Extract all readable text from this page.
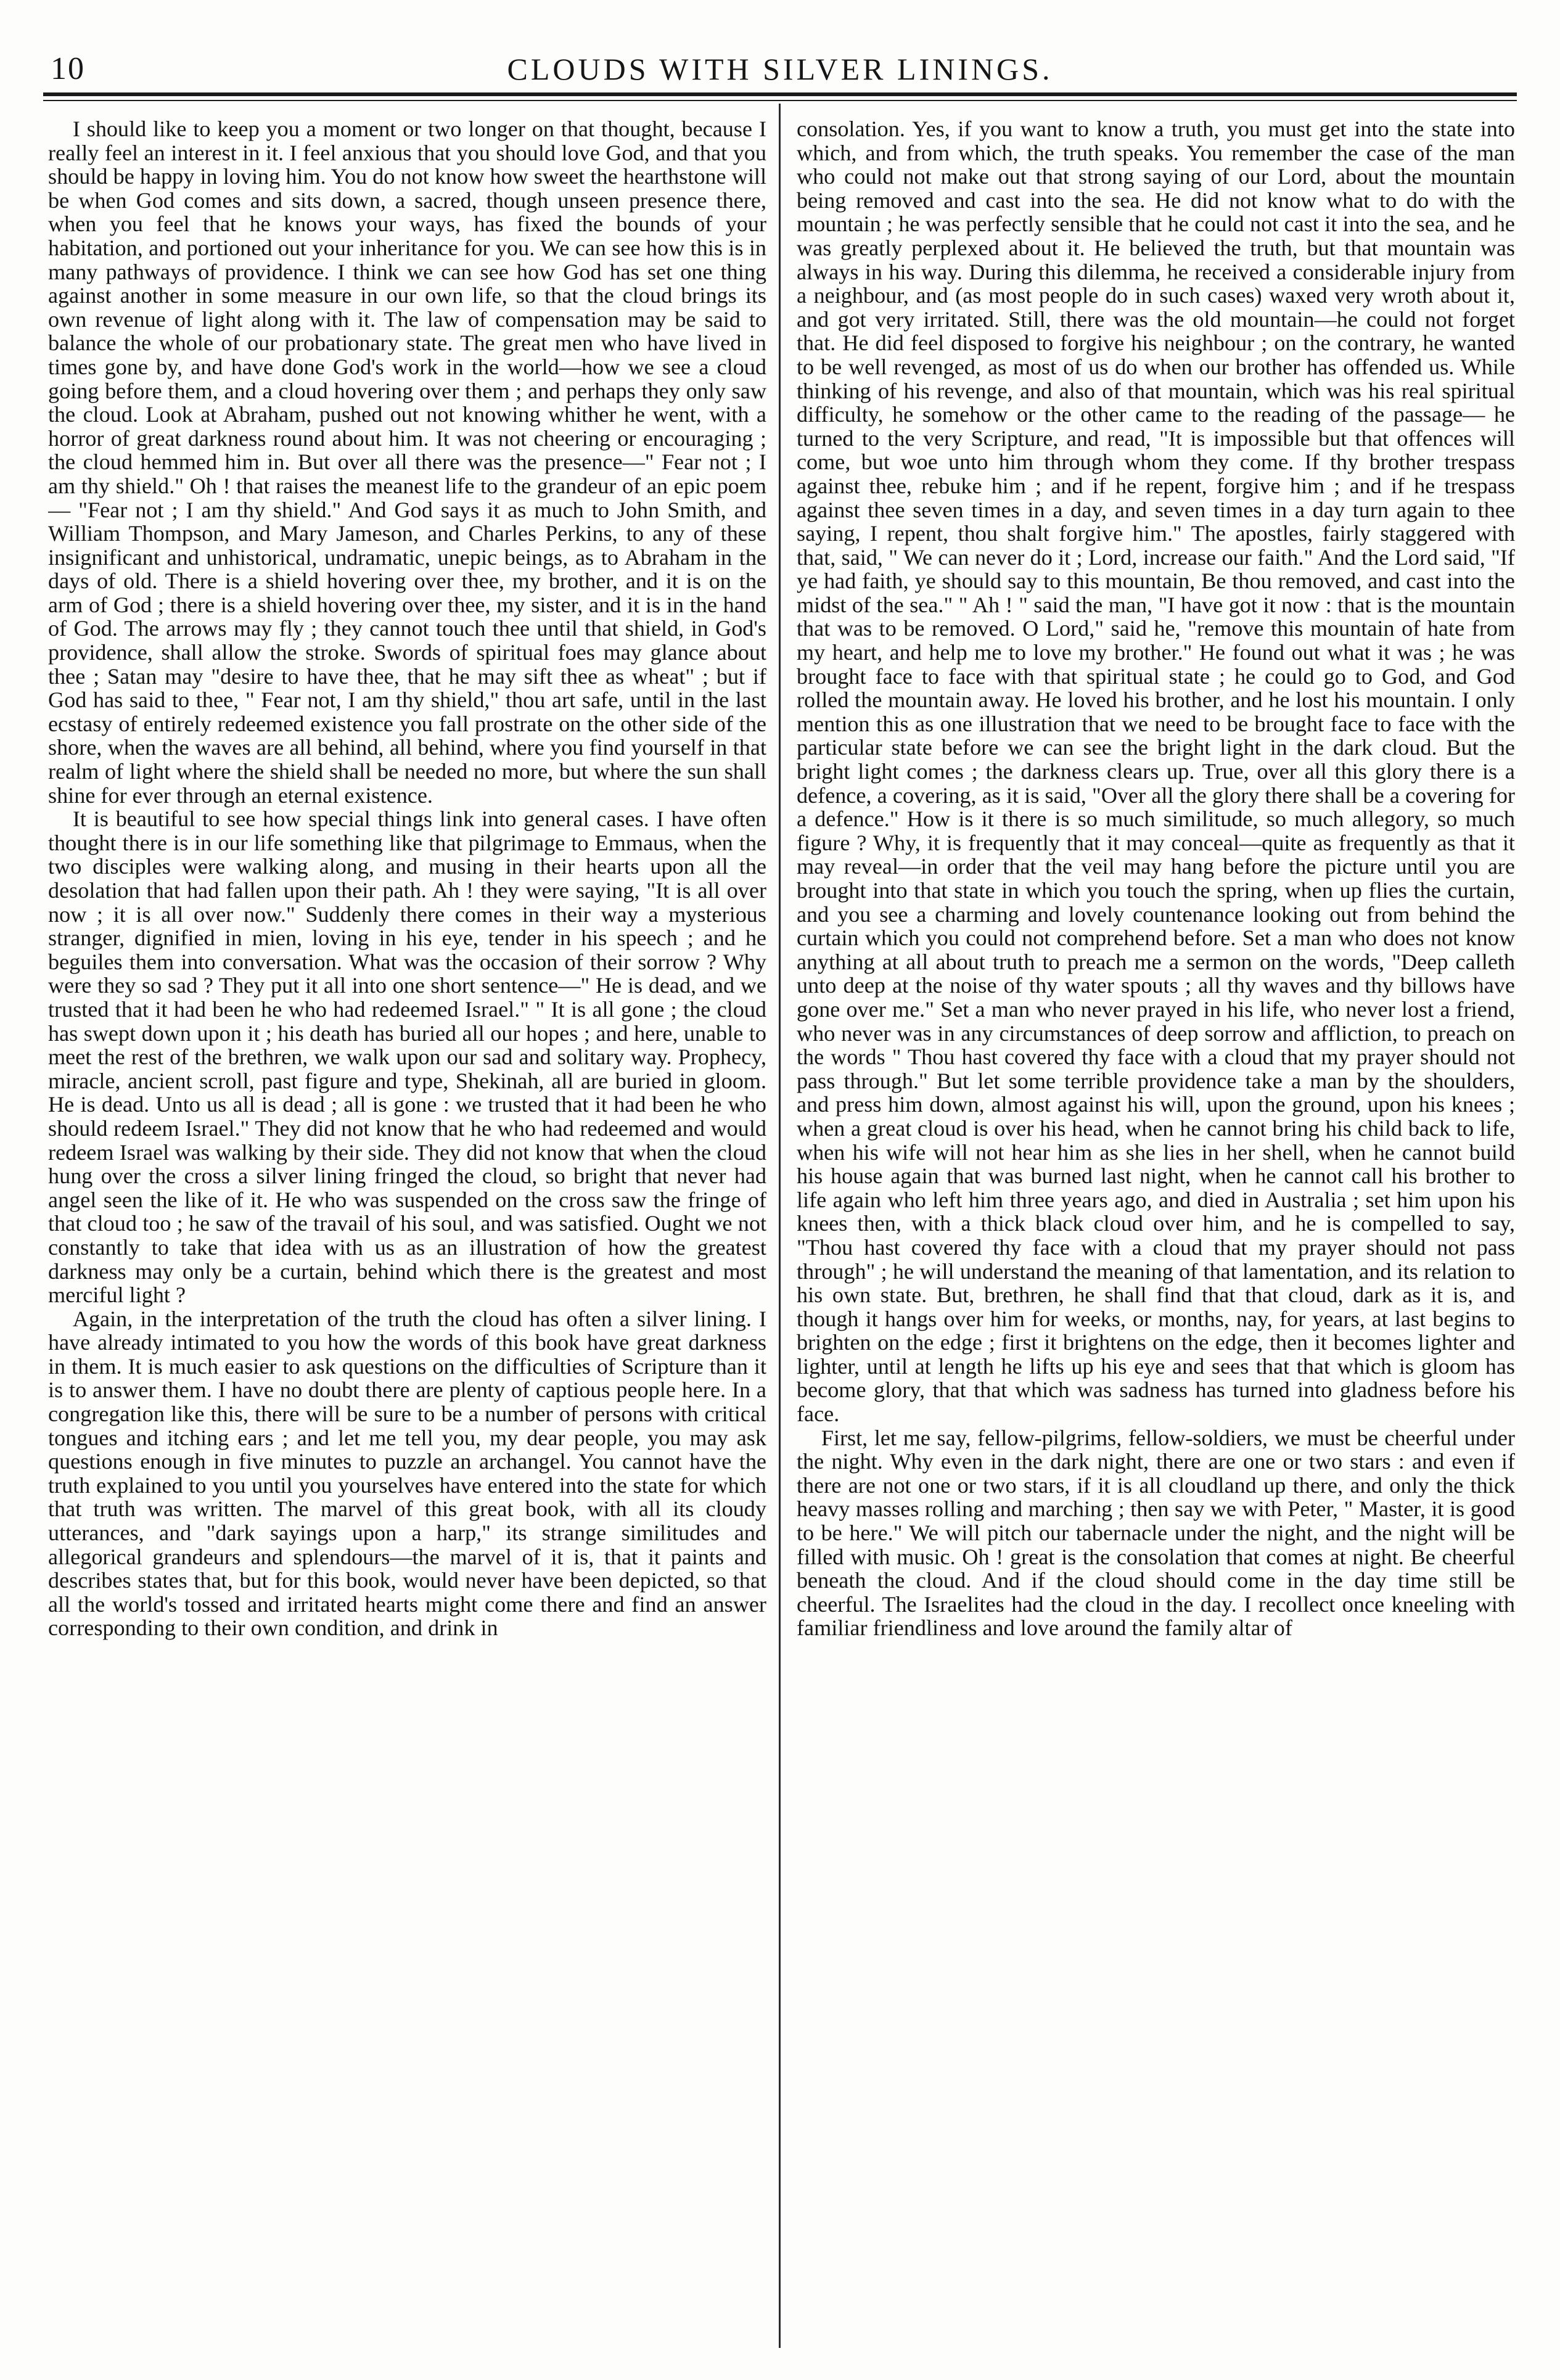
10	CLOUDS WITH SILVER LININGS.

I should like to keep you a moment or two longer on that thought, because I really feel an interest in it. I feel anxious that you should love God, and that you should be happy in loving him. You do not know how sweet the hearthstone will be when God comes and sits down, a sacred, though unseen presence there, when you feel that he knows your ways, has fixed the bounds of your habitation, and portioned out your inheritance for you. We can see how this is in many pathways of providence. I think we can see how God has set one thing against another in some measure in our own life, so that the cloud brings its own revenue of light along with it. The law of compensation may be said to balance the whole of our probationary state. The great men who have lived in times gone by, and have done God's work in the world—how we see a cloud going before them, and a cloud hovering over them ; and perhaps they only saw the cloud. Look at Abraham, pushed out not knowing whither he went, with a horror of great darkness round about him. It was not cheering or encouraging ; the cloud hemmed him in. But over all there was the presence—" Fear not ; I am thy shield." Oh ! that raises the meanest life to the grandeur of an epic poem— "Fear not ; I am thy shield." And God says it as much to John Smith, and William Thompson, and Mary Jameson, and Charles Perkins, to any of these insignificant and unhistorical, undramatic, unepic beings, as to Abraham in the days of old. There is a shield hovering over thee, my brother, and it is on the arm of God ; there is a shield hovering over thee, my sister, and it is in the hand of God. The arrows may fly ; they cannot touch thee until that shield, in God's providence, shall allow the stroke. Swords of spiritual foes may glance about thee ; Satan may "desire to have thee, that he may sift thee as wheat" ; but if God has said to thee, " Fear not, I am thy shield," thou art safe, until in the last ecstasy of entirely redeemed existence you fall prostrate on the other side of the shore, when the waves are all behind, all behind, where you find yourself in that realm of light where the shield shall be needed no more, but where the sun shall shine for ever through an eternal existence.

It is beautiful to see how special things link into general cases. I have often thought there is in our life something like that pilgrimage to Emmaus, when the two disciples were walking along, and musing in their hearts upon all the desolation that had fallen upon their path. Ah ! they were saying, "It is all over now ; it is all over now." Suddenly there comes in their way a mysterious stranger, dignified in mien, loving in his eye, tender in his speech ; and he beguiles them into conversation. What was the occasion of their sorrow ? Why were they so sad ? They put it all into one short sentence—" He is dead, and we trusted that it had been he who had redeemed Israel." " It is all gone ; the cloud has swept down upon it ; his death has buried all our hopes ; and here, unable to meet the rest of the brethren, we walk upon our sad and solitary way. Prophecy, miracle, ancient scroll, past figure and type, Shekinah, all are buried in gloom. He is dead. Unto us all is dead ; all is gone : we trusted that it had been he who should redeem Israel." They did not know that he who had redeemed and would redeem Israel was walking by their side. They did not know that when the cloud hung over the cross a silver lining fringed the cloud, so bright that never had angel seen the like of it. He who was suspended on the cross saw the fringe of that cloud too ; he saw of the travail of his soul, and was satisfied. Ought we not constantly to take that idea with us as an illustration of how the greatest darkness may only be a curtain, behind which there is the greatest and most merciful light ?

Again, in the interpretation of the truth the cloud has often a silver lining. I have already intimated to you how the words of this book have great darkness in them. It is much easier to ask questions on the difficulties of Scripture than it is to answer them. I have no doubt there are plenty of captious people here. In a congregation like this, there will be sure to be a number of persons with critical tongues and itching ears ; and let me tell you, my dear people, you may ask questions enough in five minutes to puzzle an archangel. You cannot have the truth explained to you until you yourselves have entered into the state for which that truth was written. The marvel of this great book, with all its cloudy utterances, and "dark sayings upon a harp," its strange similitudes and allegorical grandeurs and splendours—the marvel of it is, that it paints and describes states that, but for this book, would never have been depicted, so that all the world's tossed and irritated hearts might come there and find an answer corresponding to their own condition, and drink in

consolation. Yes, if you want to know a truth, you must get into the state into which, and from which, the truth speaks. You remember the case of the man who could not make out that strong saying of our Lord, about the mountain being removed and cast into the sea. He did not know what to do with the mountain ; he was perfectly sensible that he could not cast it into the sea, and he was greatly perplexed about it. He believed the truth, but that mountain was always in his way. During this dilemma, he received a considerable injury from a neighbour, and (as most people do in such cases) waxed very wroth about it, and got very irritated. Still, there was the old mountain—he could not forget that. He did feel disposed to forgive his neighbour ; on the contrary, he wanted to be well revenged, as most of us do when our brother has offended us. While thinking of his revenge, and also of that mountain, which was his real spiritual difficulty, he somehow or the other came to the reading of the passage— he turned to the very Scripture, and read, "It is impossible but that offences will come, but woe unto him through whom they come. If thy brother trespass against thee, rebuke him ; and if he repent, forgive him ; and if he trespass against thee seven times in a day, and seven times in a day turn again to thee saying, I repent, thou shalt forgive him." The apostles, fairly staggered with that, said, " We can never do it ; Lord, increase our faith." And the Lord said, "If ye had faith, ye should say to this mountain, Be thou removed, and cast into the midst of the sea." " Ah ! " said the man, "I have got it now : that is the mountain that was to be removed. O Lord," said he, "remove this mountain of hate from my heart, and help me to love my brother." He found out what it was ; he was brought face to face with that spiritual state ; he could go to God, and God rolled the mountain away. He loved his brother, and he lost his mountain. I only mention this as one illustration that we need to be brought face to face with the particular state before we can see the bright light in the dark cloud. But the bright light comes ; the darkness clears up. True, over all this glory there is a defence, a covering, as it is said, "Over all the glory there shall be a covering for a defence." How is it there is so much similitude, so much allegory, so much figure ? Why, it is frequently that it may conceal—quite as frequently as that it may reveal—in order that the veil may hang before the picture until you are brought into that state in which you touch the spring, when up flies the curtain, and you see a charming and lovely countenance looking out from behind the curtain which you could not comprehend before. Set a man who does not know anything at all about truth to preach me a sermon on the words, "Deep calleth unto deep at the noise of thy water spouts ; all thy waves and thy billows have gone over me." Set a man who never prayed in his life, who never lost a friend, who never was in any circumstances of deep sorrow and affliction, to preach on the words " Thou hast covered thy face with a cloud that my prayer should not pass through." But let some terrible providence take a man by the shoulders, and press him down, almost against his will, upon the ground, upon his knees ; when a great cloud is over his head, when he cannot bring his child back to life, when his wife will not hear him as she lies in her shell, when he cannot build his house again that was burned last night, when he cannot call his brother to life again who left him three years ago, and died in Australia ; set him upon his knees then, with a thick black cloud over him, and he is compelled to say, "Thou hast covered thy face with a cloud that my prayer should not pass through" ; he will understand the meaning of that lamentation, and its relation to his own state. But, brethren, he shall find that that cloud, dark as it is, and though it hangs over him for weeks, or months, nay, for years, at last begins to brighten on the edge ; first it brightens on the edge, then it becomes lighter and lighter, until at length he lifts up his eye and sees that that which is gloom has become glory, that that which was sadness has turned into gladness before his face.

First, let me say, fellow-pilgrims, fellow-soldiers, we must be cheerful under the night. Why even in the dark night, there are one or two stars : and even if there are not one or two stars, if it is all cloudland up there, and only the thick heavy masses rolling and marching ; then say we with Peter, " Master, it is good to be here." We will pitch our tabernacle under the night, and the night will be filled with music. Oh ! great is the consolation that comes at night. Be cheerful beneath the cloud. And if the cloud should come in the day time still be cheerful. The Israelites had the cloud in the day. I recollect once kneeling with familiar friendliness and love around the family altar of
